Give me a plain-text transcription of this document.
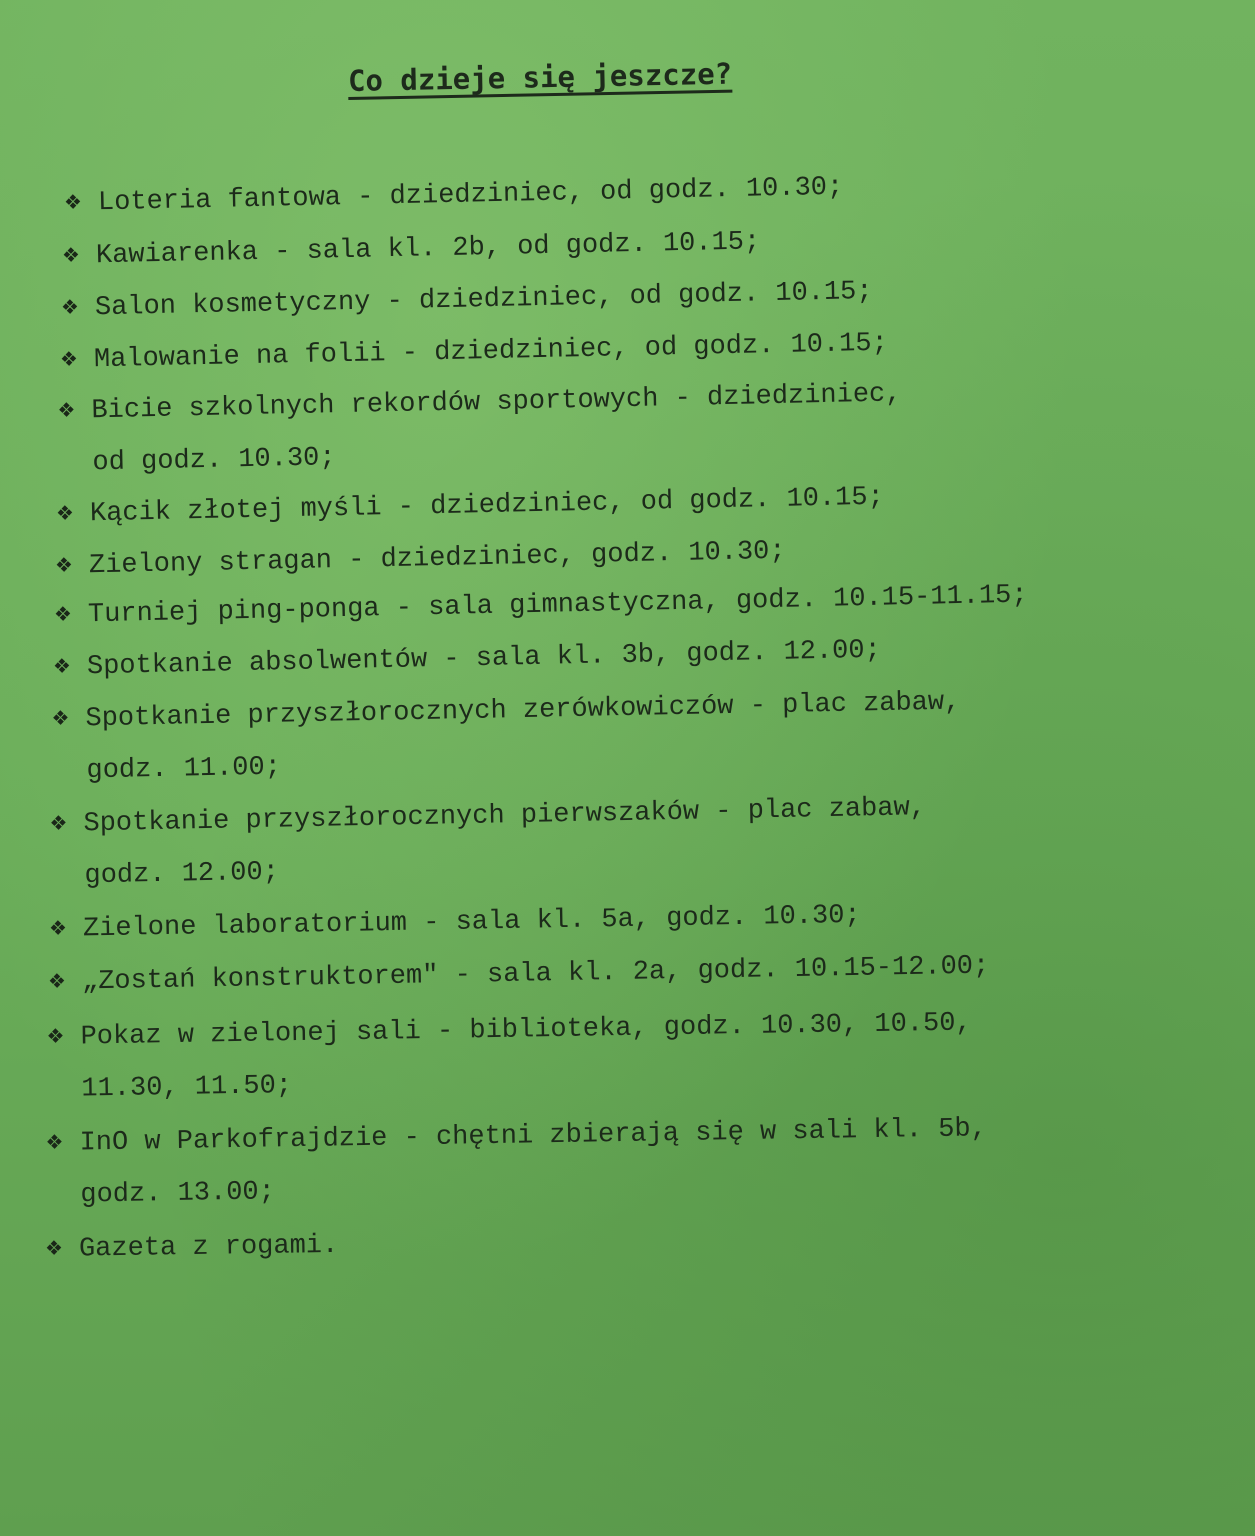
Co dzieje się jeszcze?
❖ Loteria fantowa - dziedziniec, od godz. 10.30;
❖ Kawiarenka - sala kl. 2b, od godz. 10.15;
❖ Salon kosmetyczny - dziedziniec, od godz. 10.15;
❖ Malowanie na folii - dziedziniec, od godz. 10.15;
❖ Bicie szkolnych rekordów sportowych - dziedziniec,
od godz. 10.30;
❖ Kącik złotej myśli - dziedziniec, od godz. 10.15;
❖ Zielony stragan - dziedziniec, godz. 10.30;
❖ Turniej ping-ponga - sala gimnastyczna, godz. 10.15-11.15;
❖ Spotkanie absolwentów - sala kl. 3b, godz. 12.00;
❖ Spotkanie przyszłorocznych zerówkowiczów - plac zabaw,
godz. 11.00;
❖ Spotkanie przyszłorocznych pierwszaków - plac zabaw,
godz. 12.00;
❖ Zielone laboratorium - sala kl. 5a, godz. 10.30;
❖ „Zostań konstruktorem" - sala kl. 2a, godz. 10.15-12.00;
❖ Pokaz w zielonej sali - biblioteka, godz. 10.30, 10.50,
11.30, 11.50;
❖ InO w Parkofrajdzie - chętni zbierają się w sali kl. 5b,
godz. 13.00;
❖ Gazeta z rogami.
